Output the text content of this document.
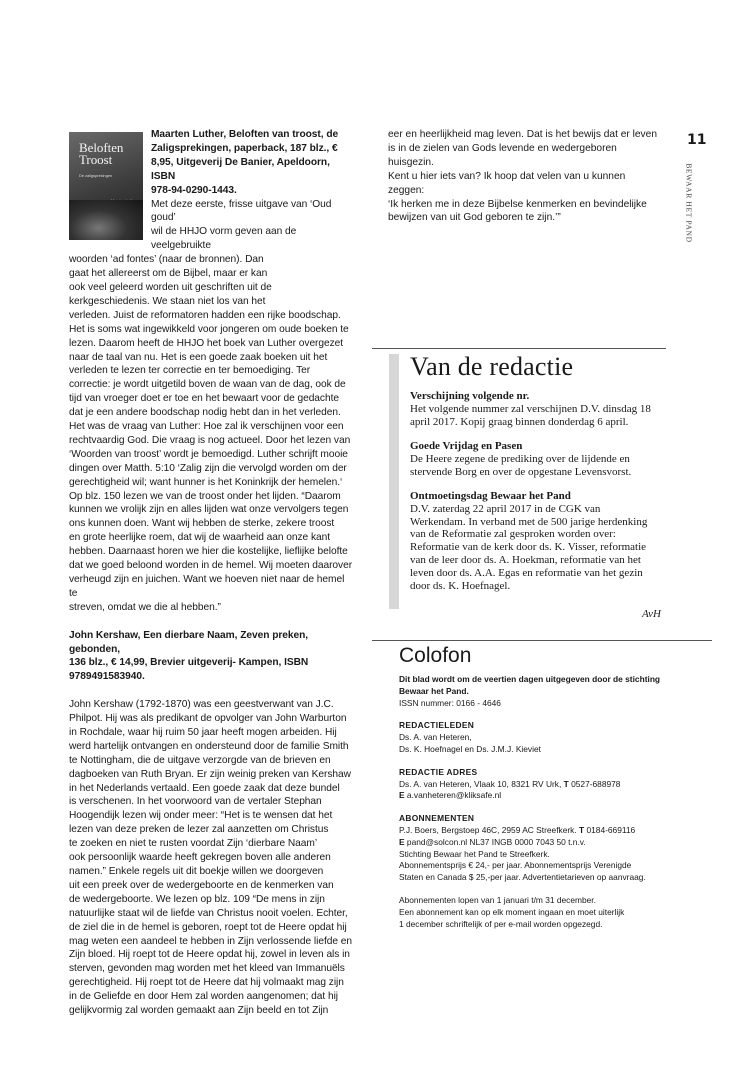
11
BEWAAR HET PAND
Beloften Troost
De zaligsprekingen

Maarten Luther, Beloften van troost, de

Zaligsprekingen, paperback, 187 blz., €

8,95, Uitgeverij De Banier, Apeldoorn, ISBN

978-94-0290-1443.

Met deze eerste, frisse uitgave van ‘Oud goud’

wil de HHJO vorm geven aan de veelgebruikte

woorden ‘ad fontes’ (naar de bronnen). Dan

gaat het allereerst om de Bijbel, maar er kan

ook veel geleerd worden uit geschriften uit de

kerkgeschiedenis. We staan niet los van het

verleden. Juist de reformatoren hadden een rijke boodschap.

Het is soms wat ingewikkeld voor jongeren om oude boeken te

lezen. Daarom heeft de HHJO het boek van Luther overgezet

naar de taal van nu. Het is een goede zaak boeken uit het

verleden te lezen ter correctie en ter bemoediging. Ter

correctie: je wordt uitgetild boven de waan van de dag, ook de

tijd van vroeger doet er toe en het bewaart voor de gedachte

dat je een andere boodschap nodig hebt dan in het verleden.

Het was de vraag van Luther: Hoe zal ik verschijnen voor een

rechtvaardig God. Die vraag is nog actueel. Door het lezen van

‘Woorden van troost’ wordt je bemoedigd. Luther schrijft mooie

dingen over Matth. 5:10 ‘Zalig zijn die vervolgd worden om der

gerechtigheid wil; want hunner is het Koninkrijk der hemelen.‘

Op blz. 150 lezen we van de troost onder het lijden. “Daarom

kunnen we vrolijk zijn en alles lijden wat onze vervolgers tegen

ons kunnen doen. Want wij hebben de sterke, zekere troost

en grote heerlijke roem, dat wij de waarheid aan onze kant

hebben. Daarnaast horen we hier die kostelijke, lieflijke belofte

dat we goed beloond worden in de hemel. Wij moeten daarover

verheugd zijn en juichen. Want we hoeven niet naar de hemel te

streven, omdat we die al hebben.”

John Kershaw, Een dierbare Naam, Zeven preken, gebonden,

136 blz., € 14,99, Brevier uitgeverij- Kampen, ISBN

9789491583940.

John Kershaw (1792-1870) was een geestverwant van J.C.

Philpot. Hij was als predikant de opvolger van John Warburton

in Rochdale, waar hij ruim 50 jaar heeft mogen arbeiden. Hij

werd hartelijk ontvangen en ondersteund door de familie Smith

te Nottingham, die de uitgave verzorgde van de brieven en

dagboeken van Ruth Bryan. Er zijn weinig preken van Kershaw

in het Nederlands vertaald. Een goede zaak dat deze bundel

is verschenen. In het voorwoord van de vertaler Stephan

Hoogendijk lezen wij onder meer: “Het is te wensen dat het

lezen van deze preken de lezer zal aanzetten om Christus

te zoeken en niet te rusten voordat Zijn ‘dierbare Naam’

ook persoonlijk waarde heeft gekregen boven alle anderen

namen.” Enkele regels uit dit boekje willen we doorgeven

uit een preek over de wedergeboorte en de kenmerken van

de wedergeboorte. We lezen op blz. 109 “De mens in zijn

natuurlijke staat wil de liefde van Christus nooit voelen. Echter,

de ziel die in de hemel is geboren, roept tot de Heere opdat hij

mag weten een aandeel te hebben in Zijn verlossende liefde en

Zijn bloed. Hij roept tot de Heere opdat hij, zowel in leven als in

sterven, gevonden mag worden met het kleed van Immanuëls

gerechtigheid. Hij roept tot de Heere dat hij volmaakt mag zijn

in de Geliefde en door Hem zal worden aangenomen; dat hij

gelijkvormig zal worden gemaakt aan Zijn beeld en tot Zijn

eer en heerlijkheid mag leven. Dat is het bewijs dat er leven

is in de zielen van Gods levende en wedergeboren huisgezin.

Kent u hier iets van? Ik hoop dat velen van u kunnen zeggen:

‘Ik herken me in deze Bijbelse kenmerken en bevindelijke

bewijzen van uit God geboren te zijn.’”

Van de redactie
Verschijning volgende nr.

Het volgende nummer zal verschijnen D.V. dinsdag 18

april 2017. Kopij graag binnen donderdag 6 april.

Goede Vrijdag en Pasen

De Heere zegene de prediking over de lijdende en

stervende Borg en over de opgestane Levensvorst.

Ontmoetingsdag Bewaar het Pand

D.V. zaterdag 22 april 2017 in de CGK van

Werkendam. In verband met de 500 jarige herdenking

van de Reformatie zal gesproken worden over:

Reformatie van de kerk door ds. K. Visser, reformatie

van de leer door ds. A. Hoekman, reformatie van het

leven door ds. A.A. Egas en reformatie van het gezin

door ds. K. Hoefnagel.

AvH
Colofon

Dit blad wordt om de veertien dagen uitgegeven door de stichting

Bewaar het Pand.

ISSN nummer: 0166 - 4646

REDACTIELEDEN

Ds. A. van Heteren,

Ds. K. Hoefnagel en Ds. J.M.J. Kieviet

REDACTIE ADRES

Ds. A. van Heteren, Vlaak 10, 8321 RV Urk, T 0527-688978

E a.vanheteren@kliksafe.nl

ABONNEMENTEN

P.J. Boers, Bergstoep 46C, 2959 AC Streefkerk. T 0184-669116

E pand@solcon.nl NL37 INGB 0000 7043 50 t.n.v.

Stichting Bewaar het Pand te Streefkerk.

Abonnementsprijs € 24,- per jaar. Abonnementsprijs Verenigde

Staten en Canada $ 25,-per jaar. Advertentietarieven op aanvraag.

Abonnementen lopen van 1 januari t/m 31 december.

Een abonnement kan op elk moment ingaan en moet uiterlijk

1 december schriftelijk of per e-mail worden opgezegd.
